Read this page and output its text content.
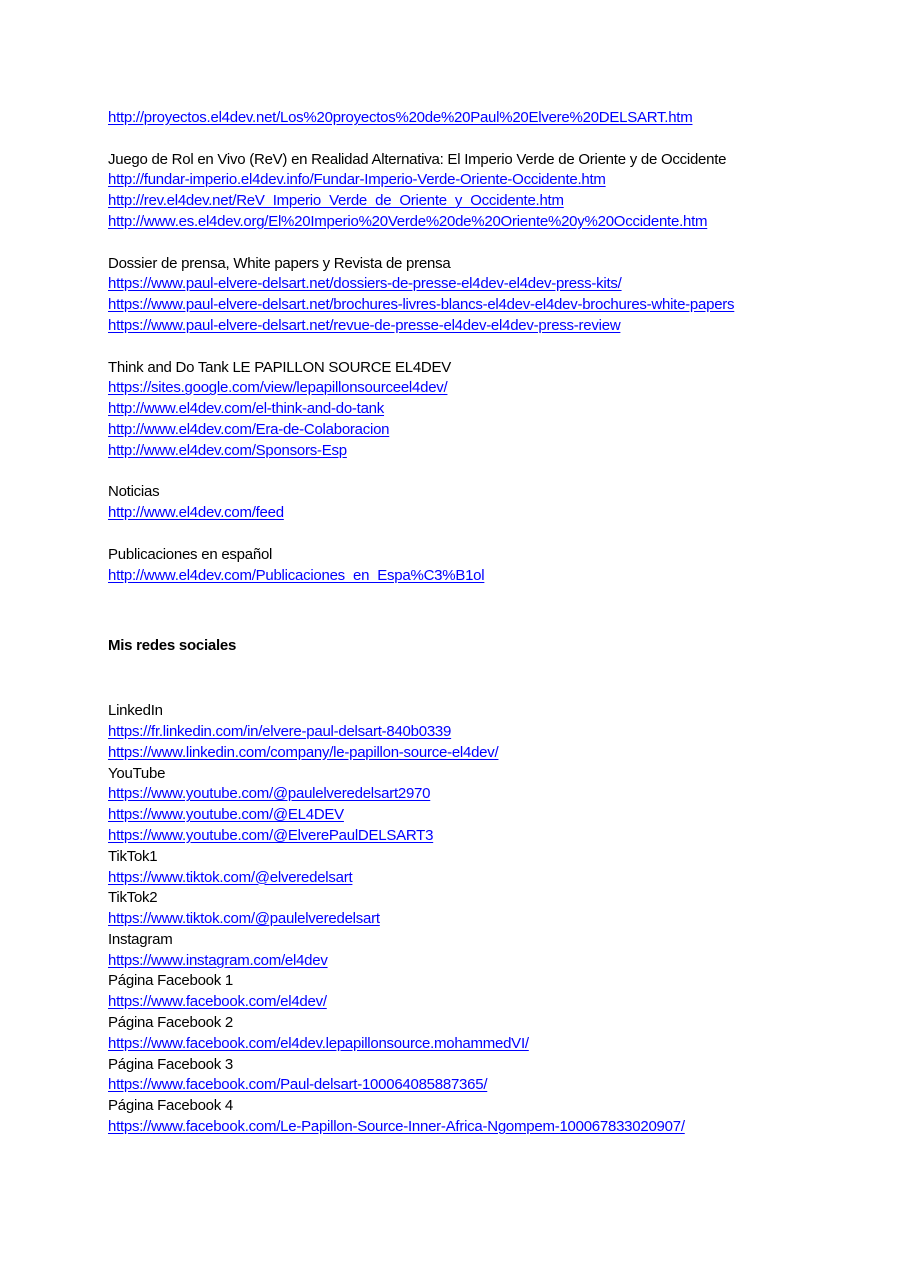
http://proyectos.el4dev.net/Los%20proyectos%20de%20Paul%20Elvere%20DELSART.htm
Juego de Rol en Vivo (ReV) en Realidad Alternativa: El Imperio Verde de Oriente y de Occidente
http://fundar-imperio.el4dev.info/Fundar-Imperio-Verde-Oriente-Occidente.htm
http://rev.el4dev.net/ReV_Imperio_Verde_de_Oriente_y_Occidente.htm
http://www.es.el4dev.org/El%20Imperio%20Verde%20de%20Oriente%20y%20Occidente.htm
Dossier de prensa, White papers y Revista de prensa
https://www.paul-elvere-delsart.net/dossiers-de-presse-el4dev-el4dev-press-kits/
https://www.paul-elvere-delsart.net/brochures-livres-blancs-el4dev-el4dev-brochures-white-papers
https://www.paul-elvere-delsart.net/revue-de-presse-el4dev-el4dev-press-review
Think and Do Tank LE PAPILLON SOURCE EL4DEV
https://sites.google.com/view/lepapillonsourceel4dev/
http://www.el4dev.com/el-think-and-do-tank
http://www.el4dev.com/Era-de-Colaboracion
http://www.el4dev.com/Sponsors-Esp
Noticias
http://www.el4dev.com/feed
Publicaciones en español
http://www.el4dev.com/Publicaciones_en_Espa%C3%B1ol
Mis redes sociales
LinkedIn
https://fr.linkedin.com/in/elvere-paul-delsart-840b0339
https://www.linkedin.com/company/le-papillon-source-el4dev/
YouTube
https://www.youtube.com/@paulelveredelsart2970
https://www.youtube.com/@EL4DEV
https://www.youtube.com/@ElverePaulDELSART3
TikTok1
https://www.tiktok.com/@elveredelsart
TikTok2
https://www.tiktok.com/@paulelveredelsart
Instagram
https://www.instagram.com/el4dev
Página Facebook 1
https://www.facebook.com/el4dev/
Página Facebook 2
https://www.facebook.com/el4dev.lepapillonsource.mohammedVI/
Página Facebook 3
https://www.facebook.com/Paul-delsart-100064085887365/
Página Facebook 4
https://www.facebook.com/Le-Papillon-Source-Inner-Africa-Ngompem-100067833020907/
